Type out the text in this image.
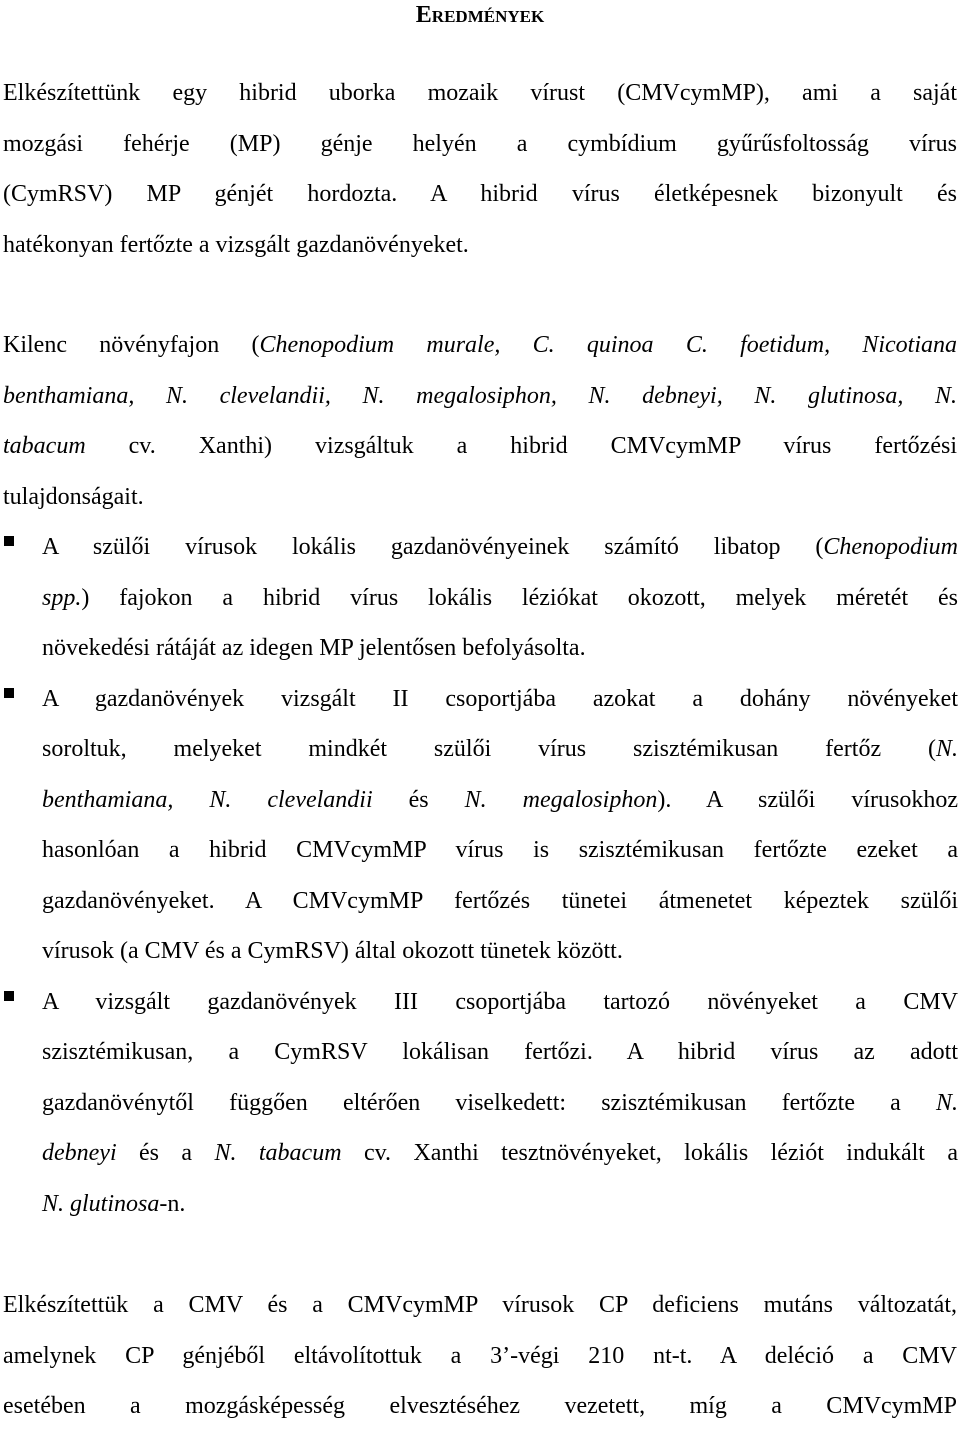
Eredmények
Elkészítettünk egy hibrid uborka mozaik vírust (CMVcymMP), ami a saját
mozgási fehérje (MP) génje helyén a cymbídium gyűrűsfoltosság vírus
(CymRSV) MP génjét hordozta. A hibrid vírus életképesnek bizonyult és
hatékonyan fertőzte a vizsgált gazdanövényeket.
Kilenc növényfajon (Chenopodium murale, C. quinoa C. foetidum, Nicotiana
benthamiana, N. clevelandii, N. megalosiphon, N. debneyi, N. glutinosa, N.
tabacum cv. Xanthi) vizsgáltuk a hibrid CMVcymMP vírus fertőzési
tulajdonságait.
A szülői vírusok lokális gazdanövényeinek számító libatop (Chenopodium
spp.) fajokon a hibrid vírus lokális léziókat okozott, melyek méretét és
növekedési rátáját az idegen MP jelentősen befolyásolta.
A gazdanövények vizsgált II csoportjába azokat a dohány növényeket
soroltuk, melyeket mindkét szülői vírus szisztémikusan fertőz (N.
benthamiana, N. clevelandii és N. megalosiphon). A szülői vírusokhoz
hasonlóan a hibrid CMVcymMP vírus is szisztémikusan fertőzte ezeket a
gazdanövényeket. A CMVcymMP fertőzés tünetei átmenetet képeztek szülői
vírusok (a CMV és a CymRSV) által okozott tünetek között.
A vizsgált gazdanövények III csoportjába tartozó növényeket a CMV
szisztémikusan, a CymRSV lokálisan fertőzi. A hibrid vírus az adott
gazdanövénytől függően eltérően viselkedett: szisztémikusan fertőzte a N.
debneyi és a N. tabacum cv. Xanthi tesztnövényeket, lokális léziót indukált a
N. glutinosa-n.
Elkészítettük a CMV és a CMVcymMP vírusok CP deficiens mutáns változatát,
amelynek CP génjéből eltávolítottuk a 3’-végi 210 nt-t. A deléció a CMV
esetében a mozgásképesség elvesztéséhez vezetett, míg a CMVcymMP
